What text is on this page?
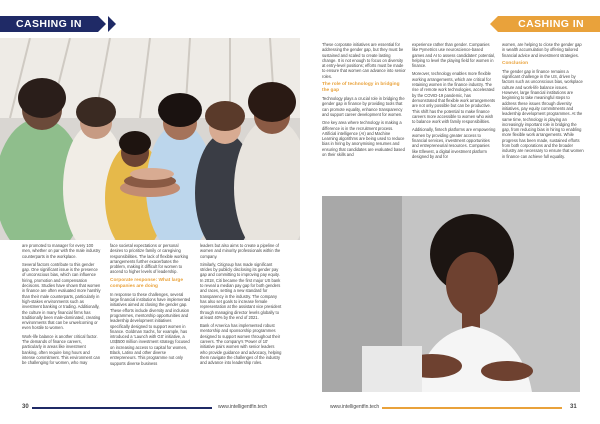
CASHING IN

are promoted to manager for every 100 men, whether on par with the male industry counterparts in the workplace.

Several factors contribute to this gender gap. One significant issue is the presence of unconscious bias, which can influence hiring, promotion and compensation decisions. Studies have shown that women in finance are often evaluated more harshly than their male counterparts, particularly in high-stakes environments such as investment banking or trading. Additionally, the culture in many financial firms has traditionally been male-dominated, creating environments that can be unwelcoming or even hostile to women.

Work-life balance is another critical factor. The demands of finance careers, particularly in areas like investment banking, often require long hours and intense commitment. This environment can be challenging for women, who may

face societal expectations or personal desires to prioritize family or caregiving responsibilities. The lack of flexible working arrangements further exacerbates the problem, making it difficult for women to ascend to higher levels of leadership.

Corporate response: What large companies are doing

In response to these challenges, several large financial institutions have implemented initiatives aimed at closing the gender gap. These efforts include diversity and inclusion programmes, mentorship opportunities and leadership development initiatives specifically designed to support women in finance. Goldman Sachs, for example, has introduced a 'Launch with GS' initiative, a US$500 million investment strategy focused on increasing access to capital for women, Black, Latinx and other diverse entrepreneurs. This programme not only supports diverse business

leaders but also aims to create a pipeline of women and minority professionals within the company.

Similarly, Citigroup has made significant strides by publicly disclosing its gender pay gap and committing to improving pay equity. In 2018, Citi became the first major US bank to reveal a median pay gap for both genders and races, setting a new standard for transparency in the industry. The company has also set goals to increase female representation at the assistant vice president through managing director levels globally to at least 40% by the end of 2021.

Bank of America has implemented robust mentorship and sponsorship programmes designed to support women throughout their careers. The company's 'Power of 10' initiative pairs women with senior leaders who provide guidance and advocacy, helping them navigate the challenges of the industry and advance into leadership roles.

30	www.intelligentfin.tech
CASHING IN

These corporate initiatives are essential for addressing the gender gap, but they must be sustained and scaled to create lasting change. It is not enough to focus on diversity at entry-level positions; efforts must be made to ensure that women can advance into senior roles.

The role of technology in bridging the gap

Technology plays a crucial role in bridging the gender gap in finance by providing tools that can promote equality, enhance transparency and support career development for women.

One key area where technology is making a difference is in the recruitment process. Artificial intelligence (AI) and Machine Learning algorithms are being used to reduce bias in hiring by anonymising resumes and ensuring that candidates are evaluated based on their skills and

experience rather than gender. Companies like Pymetrics use neuroscience-based games and AI to assess candidates' potential, helping to level the playing field for women in finance.

Moreover, technology enables more flexible working arrangements, which are critical for retaining women in the finance industry. The rise of remote work technologies, accelerated by the COVID-19 pandemic, has demonstrated that flexible work arrangements are not only possible but can be productive. This shift has the potential to make finance careers more accessible to women who wish to balance work with family responsibilities.

Additionally, fintech platforms are empowering women by providing greater access to financial services, investment opportunities and entrepreneurial resources. Companies like Ellevest, a digital investment platform designed by and for

women, are helping to close the gender gap in wealth accumulation by offering tailored financial advice and investment strategies.

Conclusion

The gender gap in finance remains a significant challenge in the US, driven by factors such as unconscious bias, workplace culture and work-life balance issues. However, large financial institutions are beginning to take meaningful steps to address these issues through diversity initiatives, pay equity commitments and leadership development programmes. At the same time, technology is playing an increasingly important role in bridging the gap, from reducing bias in hiring to enabling more flexible work arrangements. While progress has been made, sustained efforts from both corporations and the broader industry are necessary to ensure that women in finance can achieve full equality.

www.intelligentfin.tech	31
